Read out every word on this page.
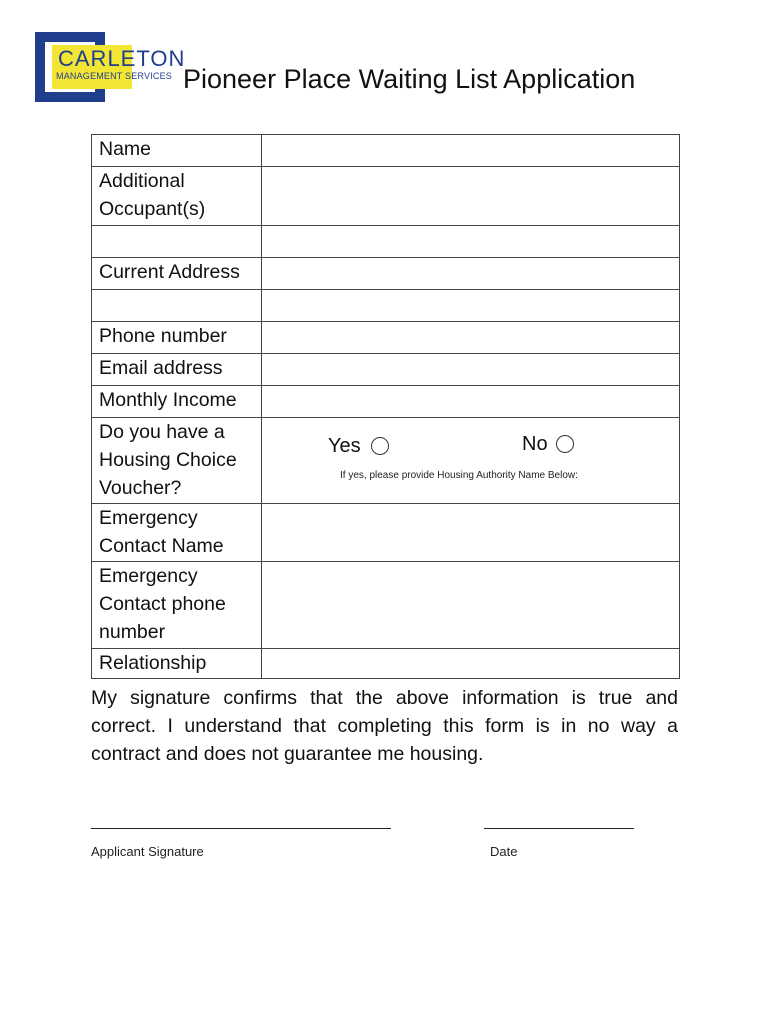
CARLETON
MANAGEMENT SERVICES Pioneer Place Waiting List Application
Name	
Additional Occupant(s)	

Current Address	

Phone number	
Email address	
Monthly Income	
Do you have a Housing Choice Voucher?	Yes No
If yes, please provide Housing Authority Name Below:

Emergency Contact Name	
Emergency Contact phone number	
Relationship	
My signature confirms that the above information is true and correct. I understand that completing this form is in no way a contract and does not guarantee me housing.
Applicant Signature	Date
